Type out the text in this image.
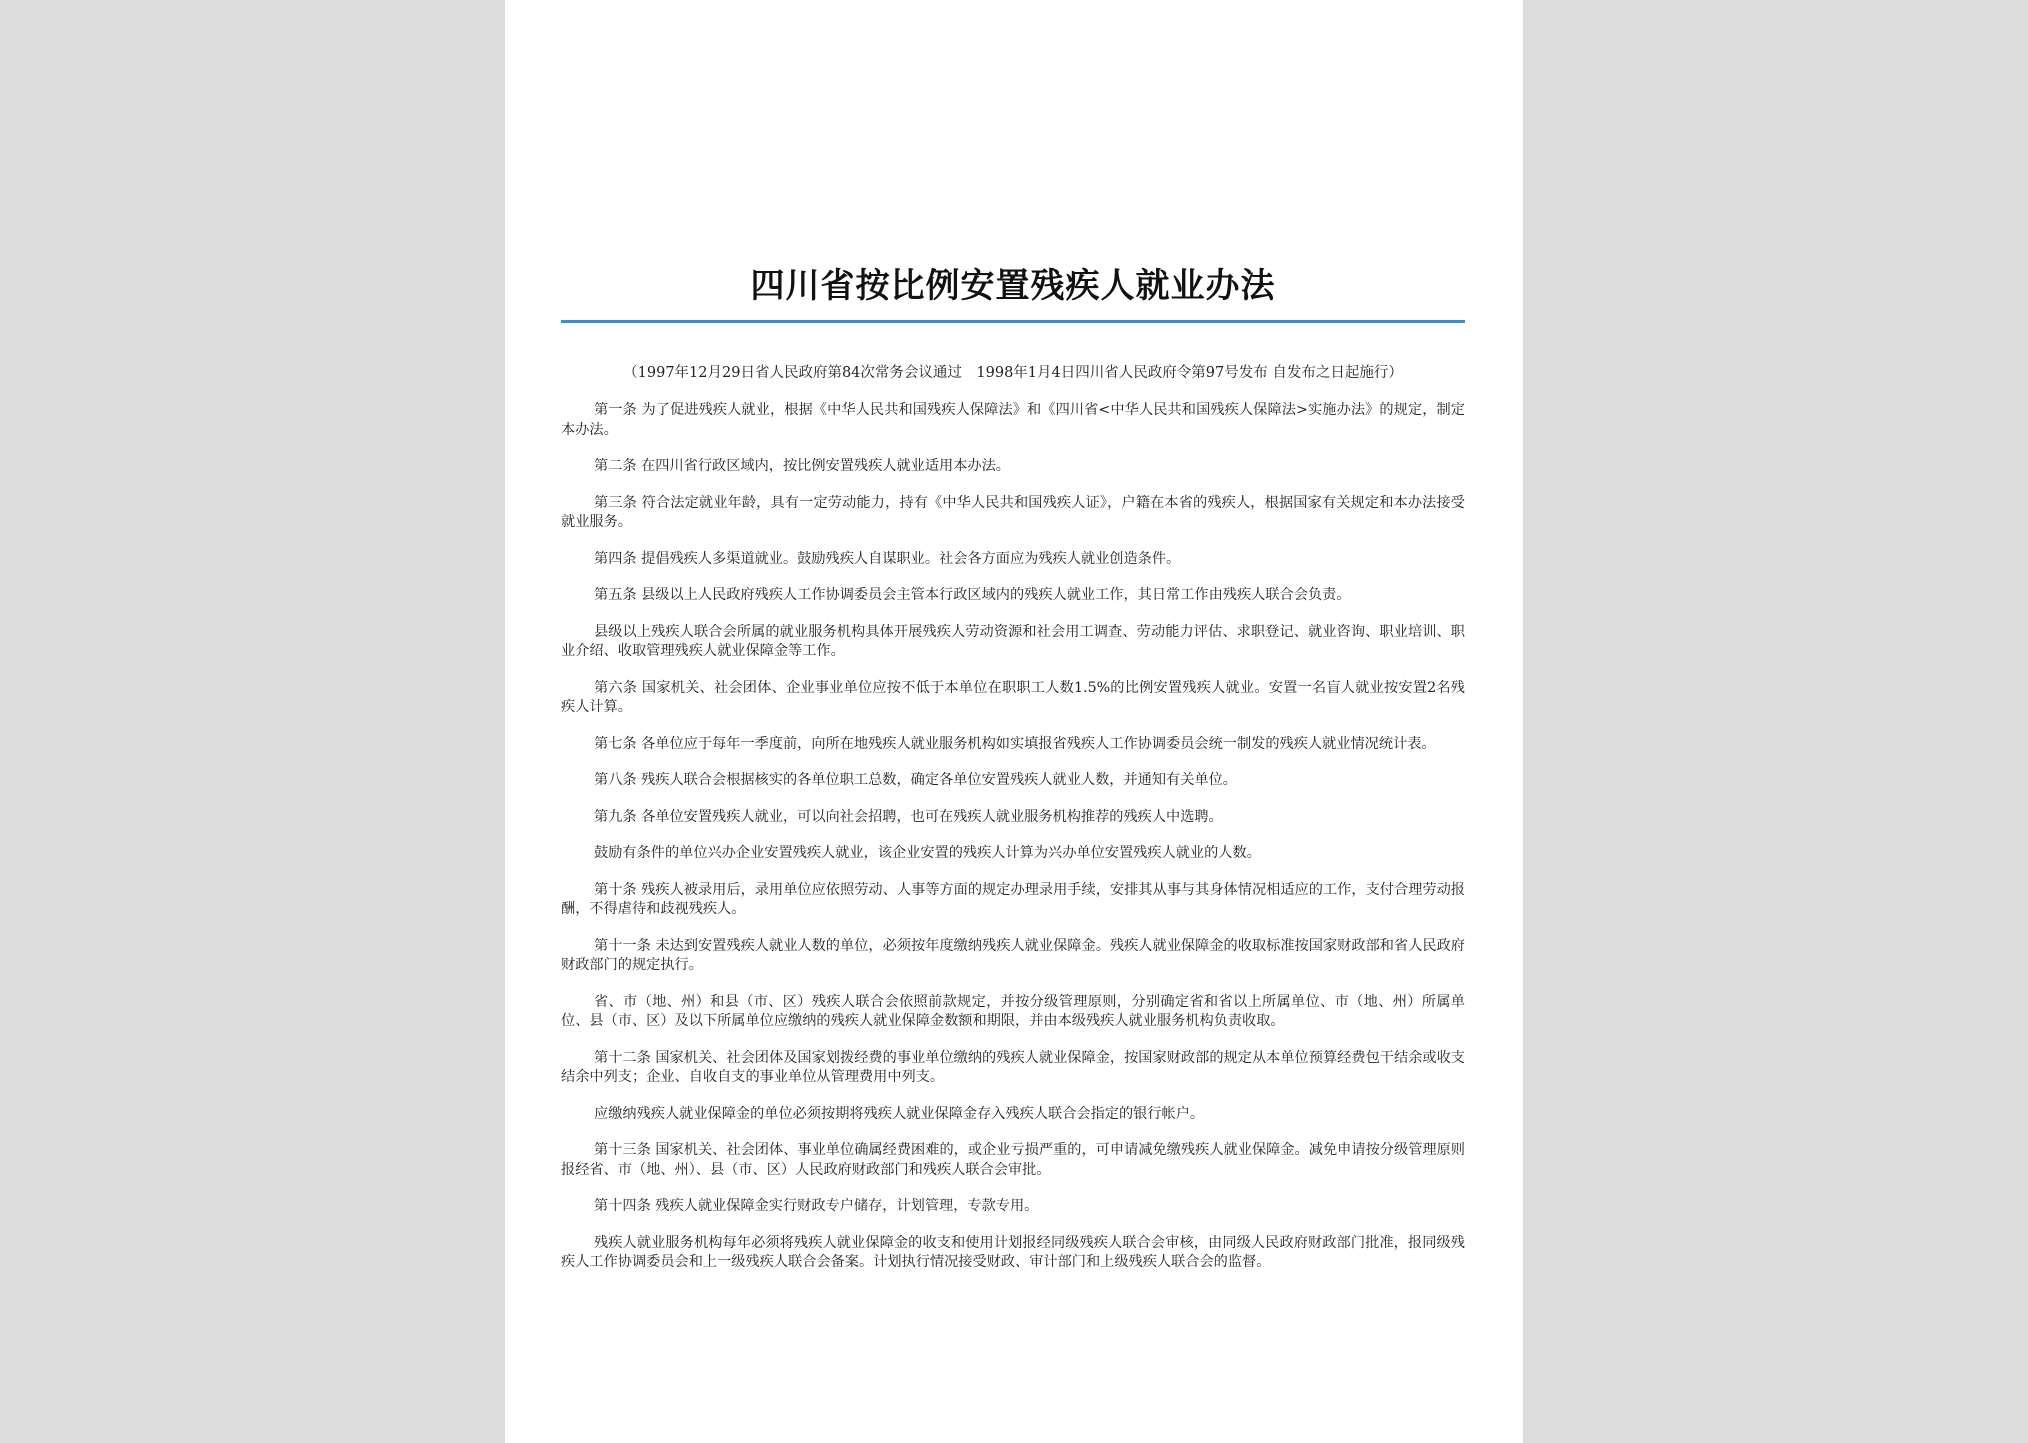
四川省按比例安置残疾人就业办法
（1997年12月29日省人民政府第84次常务会议通过　1998年1月4日四川省人民政府令第97号发布 自发布之日起施行）

第一条 为了促进残疾人就业，根据《中华人民共和国残疾人保障法》和《四川省<中华人民共和国残疾人保障法>实施办法》的规定，制定本办法。

第二条 在四川省行政区域内，按比例安置残疾人就业适用本办法。

第三条 符合法定就业年龄，具有一定劳动能力，持有《中华人民共和国残疾人证》，户籍在本省的残疾人，根据国家有关规定和本办法接受就业服务。

第四条 提倡残疾人多渠道就业。鼓励残疾人自谋职业。社会各方面应为残疾人就业创造条件。

第五条 县级以上人民政府残疾人工作协调委员会主管本行政区域内的残疾人就业工作，其日常工作由残疾人联合会负责。

县级以上残疾人联合会所属的就业服务机构具体开展残疾人劳动资源和社会用工调查、劳动能力评估、求职登记、就业咨询、职业培训、职业介绍、收取管理残疾人就业保障金等工作。

第六条 国家机关、社会团体、企业事业单位应按不低于本单位在职职工人数1.5%的比例安置残疾人就业。安置一名盲人就业按安置2名残疾人计算。

第七条 各单位应于每年一季度前，向所在地残疾人就业服务机构如实填报省残疾人工作协调委员会统一制发的残疾人就业情况统计表。

第八条 残疾人联合会根据核实的各单位职工总数，确定各单位安置残疾人就业人数，并通知有关单位。

第九条 各单位安置残疾人就业，可以向社会招聘，也可在残疾人就业服务机构推荐的残疾人中选聘。

鼓励有条件的单位兴办企业安置残疾人就业，该企业安置的残疾人计算为兴办单位安置残疾人就业的人数。

第十条 残疾人被录用后，录用单位应依照劳动、人事等方面的规定办理录用手续，安排其从事与其身体情况相适应的工作，支付合理劳动报酬，不得虐待和歧视残疾人。

第十一条 未达到安置残疾人就业人数的单位，必须按年度缴纳残疾人就业保障金。残疾人就业保障金的收取标准按国家财政部和省人民政府财政部门的规定执行。

省、市（地、州）和县（市、区）残疾人联合会依照前款规定，并按分级管理原则，分别确定省和省以上所属单位、市（地、州）所属单位、县（市、区）及以下所属单位应缴纳的残疾人就业保障金数额和期限，并由本级残疾人就业服务机构负责收取。

第十二条 国家机关、社会团体及国家划拨经费的事业单位缴纳的残疾人就业保障金，按国家财政部的规定从本单位预算经费包干结余或收支结余中列支；企业、自收自支的事业单位从管理费用中列支。

应缴纳残疾人就业保障金的单位必须按期将残疾人就业保障金存入残疾人联合会指定的银行帐户。

第十三条 国家机关、社会团体、事业单位确属经费困难的，或企业亏损严重的，可申请减免缴残疾人就业保障金。减免申请按分级管理原则报经省、市（地、州）、县（市、区）人民政府财政部门和残疾人联合会审批。

第十四条 残疾人就业保障金实行财政专户储存，计划管理，专款专用。

残疾人就业服务机构每年必须将残疾人就业保障金的收支和使用计划报经同级残疾人联合会审核，由同级人民政府财政部门批准，报同级残疾人工作协调委员会和上一级残疾人联合会备案。计划执行情况接受财政、审计部门和上级残疾人联合会的监督。
